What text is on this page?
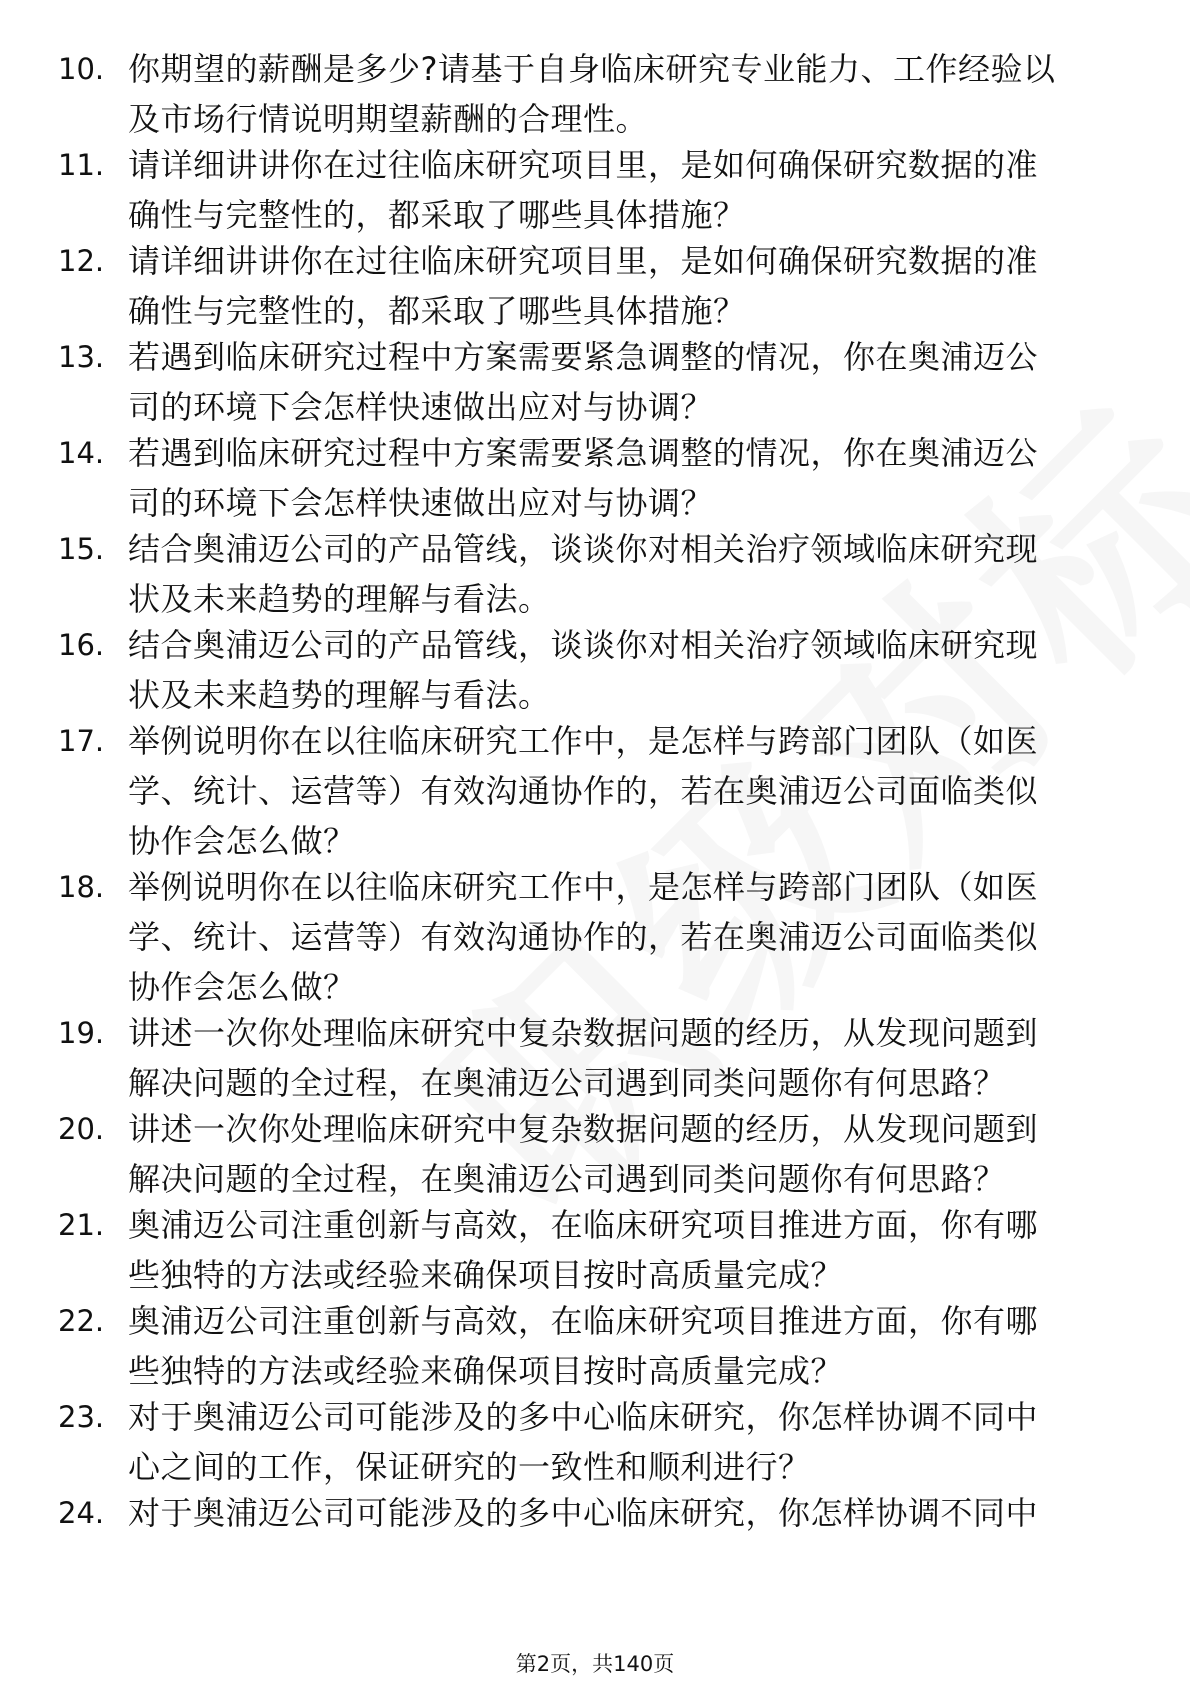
10. 你期望的薪酬是多少?请基于自身临床研究专业能力、工作经验以
及市场行情说明期望薪酬的合理性。
11. 请详细讲讲你在过往临床研究项目里，是如何确保研究数据的准
确性与完整性的，都采取了哪些具体措施？
12. 请详细讲讲你在过往临床研究项目里，是如何确保研究数据的准
确性与完整性的，都采取了哪些具体措施？
13. 若遇到临床研究过程中方案需要紧急调整的情况，你在奥浦迈公
司的环境下会怎样快速做出应对与协调？
14. 若遇到临床研究过程中方案需要紧急调整的情况，你在奥浦迈公
司的环境下会怎样快速做出应对与协调？
15. 结合奥浦迈公司的产品管线，谈谈你对相关治疗领域临床研究现
状及未来趋势的理解与看法。
16. 结合奥浦迈公司的产品管线，谈谈你对相关治疗领域临床研究现
状及未来趋势的理解与看法。
17. 举例说明你在以往临床研究工作中，是怎样与跨部门团队（如医
学、统计、运营等）有效沟通协作的，若在奥浦迈公司面临类似
协作会怎么做？
18. 举例说明你在以往临床研究工作中，是怎样与跨部门团队（如医
学、统计、运营等）有效沟通协作的，若在奥浦迈公司面临类似
协作会怎么做？
19. 讲述一次你处理临床研究中复杂数据问题的经历，从发现问题到
解决问题的全过程，在奥浦迈公司遇到同类问题你有何思路？
20. 讲述一次你处理临床研究中复杂数据问题的经历，从发现问题到
解决问题的全过程，在奥浦迈公司遇到同类问题你有何思路？
21. 奥浦迈公司注重创新与高效，在临床研究项目推进方面，你有哪
些独特的方法或经验来确保项目按时高质量完成？
22. 奥浦迈公司注重创新与高效，在临床研究项目推进方面，你有哪
些独特的方法或经验来确保项目按时高质量完成？
23. 对于奥浦迈公司可能涉及的多中心临床研究，你怎样协调不同中
心之间的工作，保证研究的一致性和顺利进行？
24. 对于奥浦迈公司可能涉及的多中心临床研究，你怎样协调不同中
第2页，共140页
